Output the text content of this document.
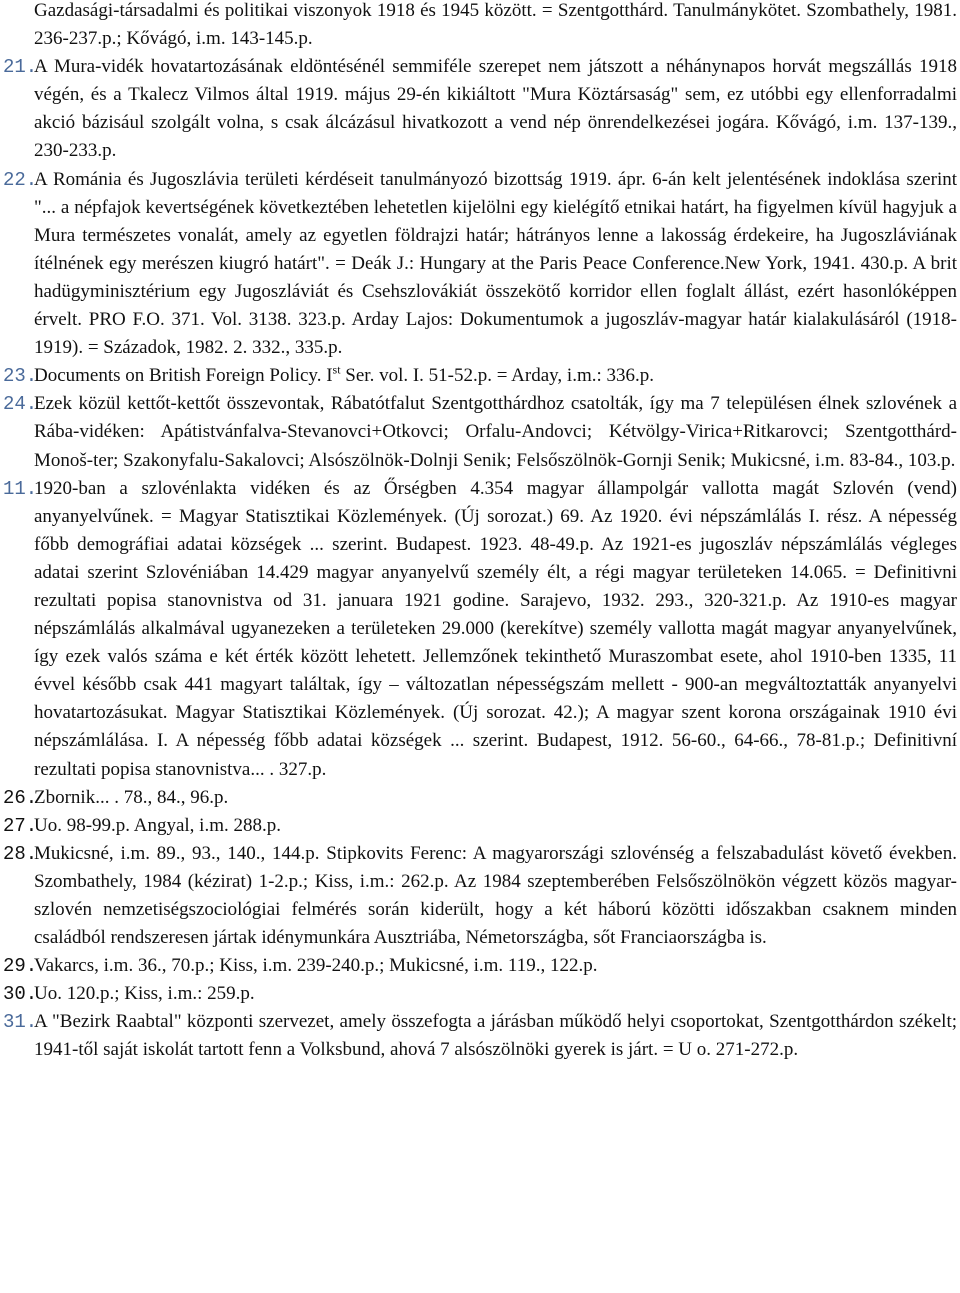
Gazdasági-társadalmi és politikai viszonyok 1918 és 1945 között. = Szentgotthárd. Tanulmánykötet. Szombathely, 1981. 236-237.p.; Kővágó, i.m. 143-145.p.
21.
A Mura-vidék hovatartozásának eldöntésénél semmiféle szerepet nem játszott a néhánynapos horvát megszállás 1918 végén, és a Tkalecz Vilmos által 1919. május 29-én kikiáltott "Mura Köztársaság" sem, ez utóbbi egy ellenforradalmi akció bázisául szolgált volna, s csak álcázásul hivatkozott a vend nép önrendelkezései jogára. Kővágó, i.m. 137-139., 230-233.p.
22.
A Románia és Jugoszlávia területi kérdéseit tanulmányozó bizottság 1919. ápr. 6-án kelt jelentésének indoklása szerint "... a népfajok kevertségének következtében lehetetlen kijelölni egy kielégítő etnikai határt, ha figyelmen kívül hagyjuk a Mura természetes vonalát, amely az egyetlen földrajzi határ; hátrányos lenne a lakosság érdekeire, ha Jugoszláviának ítélnének egy merészen kiugró határt". = Deák J.: Hungary at the Paris Peace Conference.New York, 1941. 430.p. A brit hadügyminisztérium egy Jugoszláviát és Csehszlovákiát összekötő korridor ellen foglalt állást, ezért hasonlóképpen érvelt. PRO F.O. 371. Vol. 3138. 323.p. Arday Lajos: Dokumentumok a jugoszláv-magyar határ kialakulásáról (1918-1919). = Századok, 1982. 2. 332., 335.p.
23.
Documents on British Foreign Policy. Ist Ser. vol. I. 51-52.p. = Arday, i.m.: 336.p.
24.
Ezek közül kettőt-kettőt összevontak, Rábatótfalut Szentgotthárdhoz csatolták, így ma 7 településen élnek szlovének a Rába-vidéken: Apátistvánfalva-Stevanovci+Otkovci; Orfalu-Andovci; Kétvölgy-Virica+Ritkarovci; Szentgotthárd-Monoš-ter; Szakonyfalu-Sakalovci; Alsószölnök-Dolnji Senik; Felsőszölnök-Gornji Senik; Mukicsné, i.m. 83-84., 103.p.
11.
1920-ban a szlovénlakta vidéken és az Őrségben 4.354 magyar állampolgár vallotta magát Szlovén (vend) anyanyelvűnek. = Magyar Statisztikai Közlemények. (Új sorozat.) 69. Az 1920. évi népszámlálás I. rész. A népesség főbb demográfiai adatai községek ... szerint. Budapest. 1923. 48-49.p. Az 1921-es jugoszláv népszámlálás végleges adatai szerint Szlovéniában 14.429 magyar anyanyelvű személy élt, a régi magyar területeken 14.065. = Definitivni rezultati popisa stanovnistva od 31. januara 1921 godine. Sarajevo, 1932. 293., 320-321.p. Az 1910-es magyar népszámlálás alkalmával ugyanezeken a területeken 29.000 (kerekítve) személy vallotta magát magyar anyanyelvűnek, így ezek valós száma e két érték között lehetett. Jellemzőnek tekinthető Muraszombat esete, ahol 1910-ben 1335, 11 évvel később csak 441 magyart találtak, így – változatlan népességszám mellett - 900-an megváltoztatták anyanyelvi hovatartozásukat. Magyar Statisztikai Közlemények. (Új sorozat. 42.); A magyar szent korona országainak 1910 évi népszámlálása. I. A népesség főbb adatai községek ... szerint. Budapest, 1912. 56-60., 64-66., 78-81.p.; Definitivní rezultati popisa stanovnistva... . 327.p.
26.
Zbornik... . 78., 84., 96.p.
27.
Uo. 98-99.p. Angyal, i.m. 288.p.
28.
Mukicsné, i.m. 89., 93., 140., 144.p. Stipkovits Ferenc: A magyarországi szlovénség a felszabadulást követő években. Szombathely, 1984 (kézirat) 1-2.p.; Kiss, i.m.: 262.p. Az 1984 szeptemberében Felsőszölnökön végzett közös magyar-szlovén nemzetiségszociológiai felmérés során kiderült, hogy a két háború közötti időszakban csaknem minden családból rendszeresen jártak idénymunkára Ausztriába, Németországba, sőt Franciaországba is.
29.
Vakarcs, i.m. 36., 70.p.; Kiss, i.m. 239-240.p.; Mukicsné, i.m. 119., 122.p.
30.
Uo. 120.p.; Kiss, i.m.: 259.p.
31.
A "Bezirk Raabtal" központi szervezet, amely összefogta a járásban működő helyi csoportokat, Szentgotthárdon székelt; 1941-től saját iskolát tartott fenn a Volksbund, ahová 7 alsószölnöki gyerek is járt. = U o. 271-272.p.
